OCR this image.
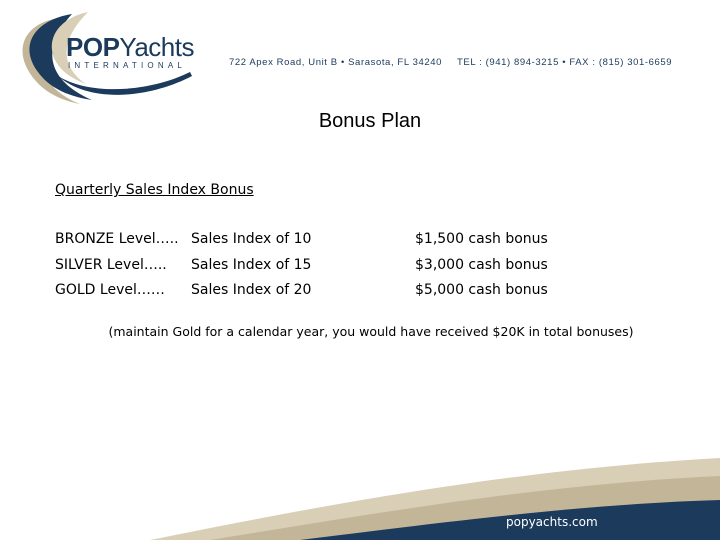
POPYachts
INTERNATIONAL	722 Apex Road, Unit B • Sarasota, FL 34240 TEL : (941) 894-3215 • FAX : (815) 301-6659
Bonus Plan
Quarterly Sales Index Bonus
BRONZE Level….. Sales Index of 10	$1,500 cash bonus
SILVER Level….. Sales Index of 15	$3,000 cash bonus
GOLD Level…… Sales Index of 20	$5,000 cash bonus
(maintain Gold for a calendar year, you would have received $20K in total bonuses)
popyachts.com
